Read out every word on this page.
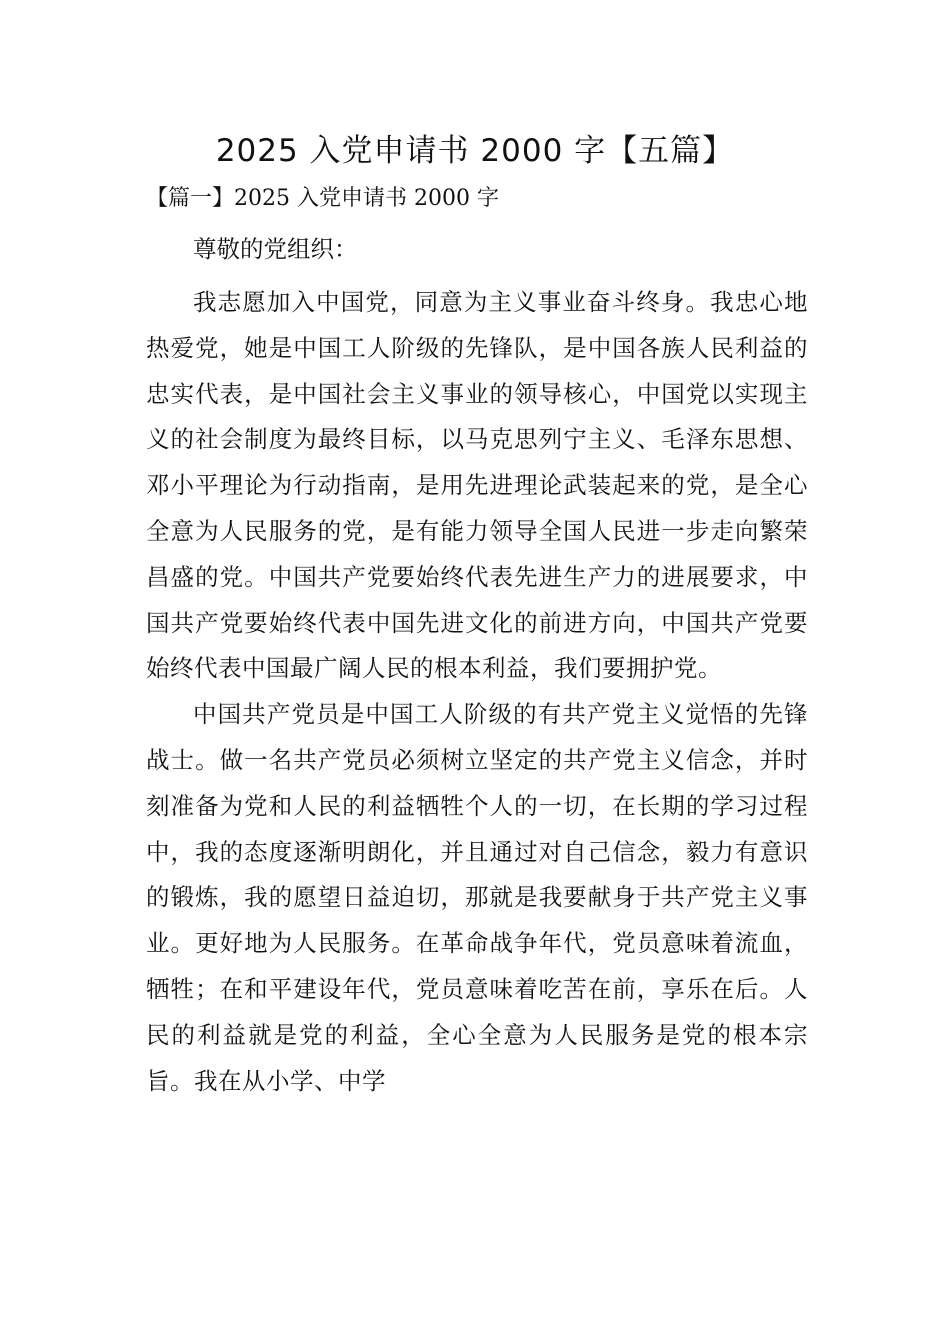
2025 入党申请书 2000 字【五篇】
【篇一】2025 入党申请书 2000 字

尊敬的党组织：

我志愿加入中国党，同意为主义事业奋斗终身。我忠心地热爱党，她是中国工人阶级的先锋队，是中国各族人民利益的忠实代表，是中国社会主义事业的领导核心，中国党以实现主义的社会制度为最终目标，以马克思列宁主义、毛泽东思想、邓小平理论为行动指南，是用先进理论武装起来的党，是全心全意为人民服务的党，是有能力领导全国人民进一步走向繁荣昌盛的党。中国共产党要始终代表先进生产力的进展要求，中国共产党要始终代表中国先进文化的前进方向，中国共产党要始终代表中国最广阔人民的根本利益，我们要拥护党。

中国共产党员是中国工人阶级的有共产党主义觉悟的先锋战士。做一名共产党员必须树立坚定的共产党主义信念，并时刻准备为党和人民的利益牺牲个人的一切，在长期的学习过程中，我的态度逐渐明朗化，并且通过对自己信念，毅力有意识的锻炼，我的愿望日益迫切，那就是我要献身于共产党主义事业。更好地为人民服务。在革命战争年代，党员意味着流血，牺牲；在和平建设年代，党员意味着吃苦在前，享乐在后。人民的利益就是党的利益，全心全意为人民服务是党的根本宗旨。我在从小学、中学
